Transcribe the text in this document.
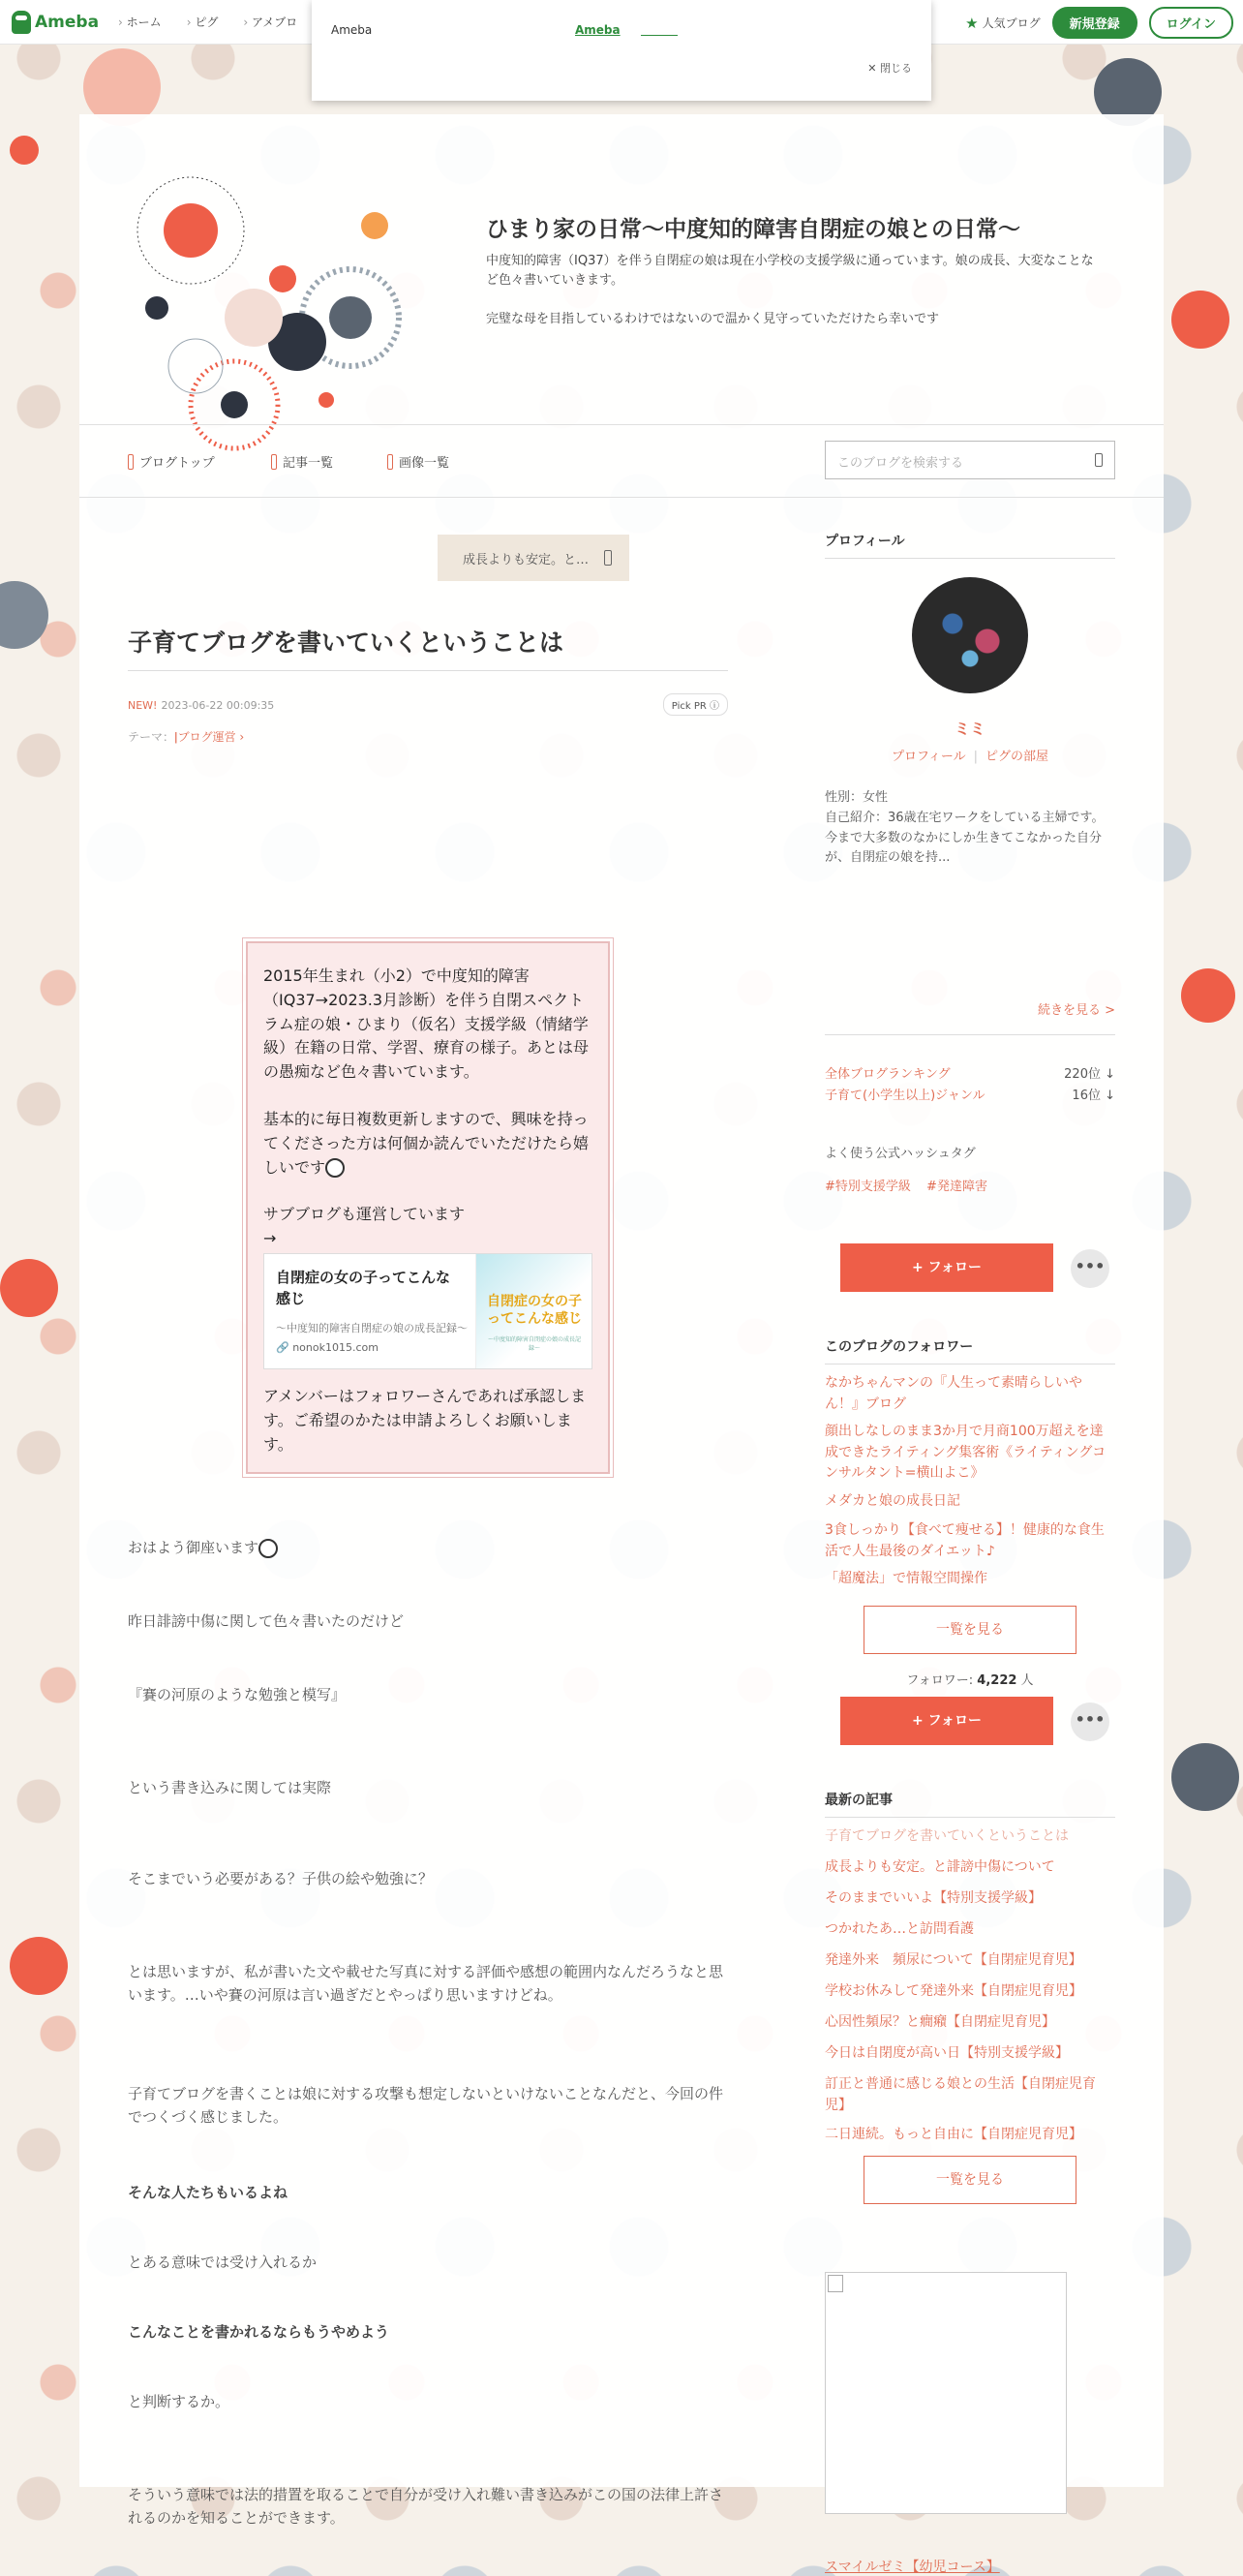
Ameba	› ホーム	› ピグ	› アメブロ	★ 人気ブログ	新規登録	ログイン
Ameba	Ameba
✕ 閉じる
ひまり家の日常〜中度知的障害自閉症の娘との日常〜
中度知的障害（IQ37）を伴う自閉症の娘は現在小学校の支援学級に通っています。娘の成長、大変なことなど色々書いていきます。

完璧な母を目指しているわけではないので温かく見守っていただけたら幸いです
ブログトップ	記事一覧	画像一覧	このブログを検索する
成長よりも安定。と…
子育てブログを書いていくということは
NEW! 2023-06-22 00:09:35	Pick PR ⓘ
テーマ：ǀブログ運営 ›

2015年生まれ（小2）で中度知的障害（IQ37→2023.3月診断）を伴う自閉スペクトラム症の娘・ひまり（仮名）支援学級（情緒学級）在籍の日常、学習、療育の様子。あとは母の愚痴など色々書いています。

基本的に毎日複数更新しますので、興味を持ってくださった方は何個か読んでいただけたら嬉しいです

サブブログも運営しています
→

自閉症の女の子ってこんな感じ
〜中度知的障害自閉症の娘の成長記録〜
🔗 nonok1015.com
自閉症の女の子ってこんな感じ
〜中度知的障害自閉症の娘の成長記録〜
アメンバーはフォロワーさんであれば承認します。ご希望のかたは申請よろしくお願いします。
おはよう御座います
昨日誹謗中傷に関して色々書いたのだけど
『賽の河原のような勉強と模写』
という書き込みに関しては実際
そこまでいう必要がある？子供の絵や勉強に？
とは思いますが、私が書いた文や載せた写真に対する評価や感想の範囲内なんだろうなと思います。…いや賽の河原は言い過ぎだとやっぱり思いますけどね。
子育てブログを書くことは娘に対する攻撃も想定しないといけないことなんだと、今回の件でつくづく感じました。
そんな人たちもいるよね
とある意味では受け入れるか
こんなことを書かれるならもうやめよう
と判断するか。
そういう意味では法的措置を取ることで自分が受け入れ難い書き込みがこの国の法律上許されるのかを知ることができます。
プロフィール
ミミ
プロフィール | ピグの部屋
性別：女性
自己紹介：36歳在宅ワークをしている主婦です。今まで大多数のなかにしか生きてこなかった自分が、自閉症の娘を持...
続きを見る >
全体ブログランキング	220位 ↓
子育て(小学生以上)ジャンル	16位 ↓
よく使う公式ハッシュタグ
#特別支援学級 #発達障害
+ フォロー	•••
このブログのフォロワー
なかちゃんマンの『人生って素晴らしいやん！』ブログ
顔出しなしのまま3か月で月商100万超えを達成できたライティング集客術《ライティングコンサルタント=横山よこ》
メダカと娘の成長日記
3食しっかり【食べて痩せる】！健康的な食生活で人生最後のダイエット♪
「超魔法」で情報空間操作
一覧を見る
フォロワー: 4,222 人
+ フォロー	•••
最新の記事
子育てブログを書いていくということは
成長よりも安定。と誹謗中傷について
そのままでいいよ【特別支援学級】
つかれたあ…と訪問看護
発達外来　頻尿について【自閉症児育児】
学校お休みして発達外来【自閉症児育児】
心因性頻尿？と癇癪【自閉症児育児】
今日は自閉度が高い日【特別支援学級】
訂正と普通に感じる娘との生活【自閉症児育児】
二日連続。もっと自由に【自閉症児育児】
一覧を見る
スマイルゼミ【幼児コース】
